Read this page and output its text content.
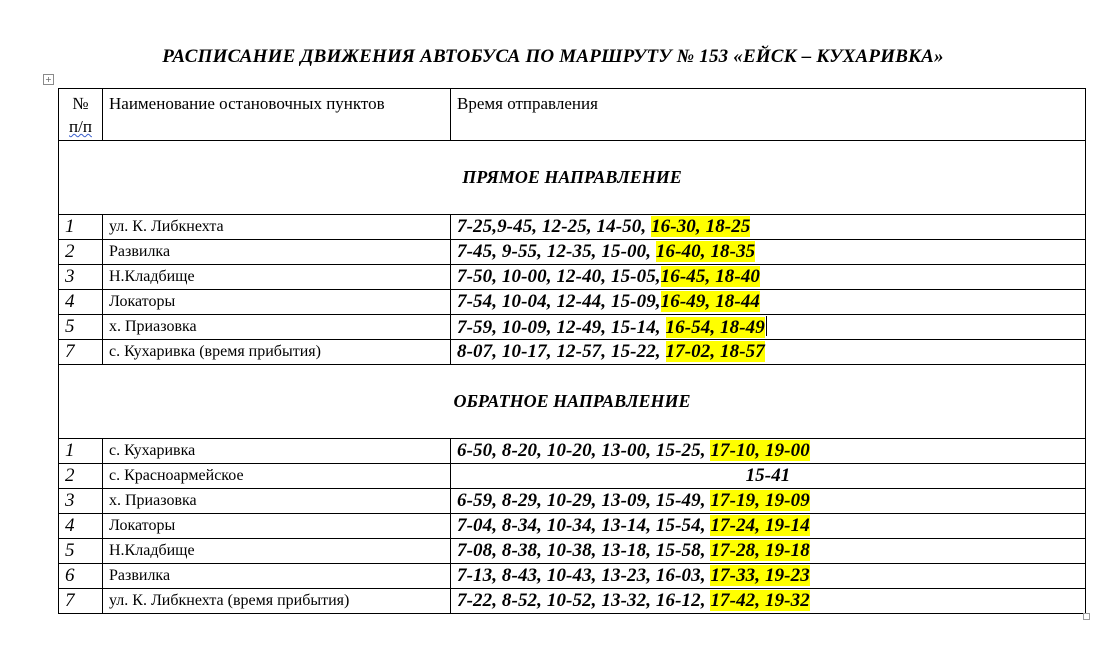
РАСПИСАНИЕ ДВИЖЕНИЯ АВТОБУСА ПО МАРШРУТУ № 153 «ЕЙСК – КУХАРИВКА»
+
№
п/п	Наименование остановочных пунктов	Время отправления
ПРЯМОЕ НАПРАВЛЕНИЕ		
1	ул. К. Либкнехта	7-25,9-45, 12-25, 14-50, 16-30, 18-25
2	Развилка	7-45, 9-55, 12-35, 15-00, 16-40, 18-35
3	Н.Кладбище	7-50, 10-00, 12-40, 15-05,16-45, 18-40
4	Локаторы	7-54, 10-04, 12-44, 15-09,16-49, 18-44
5	х. Приазовка	7-59, 10-09, 12-49, 15-14, 16-54, 18-49
7	с. Кухаривка (время прибытия)	8-07, 10-17, 12-57, 15-22, 17-02, 18-57
ОБРАТНОЕ НАПРАВЛЕНИЕ		
1	с. Кухаривка	6-50, 8-20, 10-20, 13-00, 15-25, 17-10, 19-00
2	с. Красноармейское	15-41
3	х. Приазовка	6-59, 8-29, 10-29, 13-09, 15-49, 17-19, 19-09
4	Локаторы	7-04, 8-34, 10-34, 13-14, 15-54, 17-24, 19-14
5	Н.Кладбище	7-08, 8-38, 10-38, 13-18, 15-58, 17-28, 19-18
6	Развилка	7-13, 8-43, 10-43, 13-23, 16-03, 17-33, 19-23
7	ул. К. Либкнехта (время прибытия)	7-22, 8-52, 10-52, 13-32, 16-12, 17-42, 19-32
